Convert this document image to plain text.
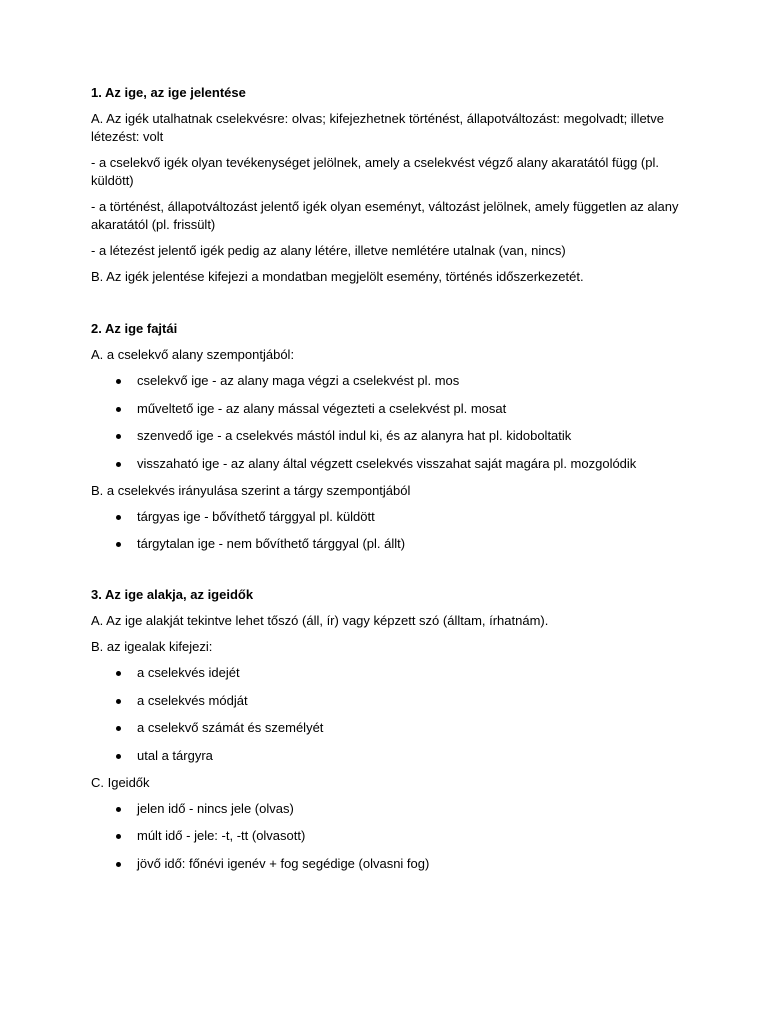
1. Az ige, az ige jelentése

A. Az igék utalhatnak cselekvésre: olvas; kifejezhetnek történést, állapotváltozást: megolvadt; illetve létezést: volt

- a cselekvő igék olyan tevékenységet jelölnek, amely a cselekvést végző alany akaratától függ (pl. küldött)

- a történést, állapotváltozást jelentő igék olyan eseményt, változást jelölnek, amely független az alany akaratától (pl. frissült)

- a létezést jelentő igék pedig az alany létére, illetve nemlétére utalnak (van, nincs)

B. Az igék jelentése kifejezi a mondatban megjelölt esemény, történés időszerkezetét.

2. Az ige fajtái

A. a cselekvő alany szempontjából:

cselekvő ige - az alany maga végzi a cselekvést pl. mos
műveltető ige - az alany mással végezteti a cselekvést pl. mosat
szenvedő ige - a cselekvés mástól indul ki, és az alanyra hat pl. kidoboltatik
visszaható ige - az alany által végzett cselekvés visszahat saját magára pl. mozgolódik

B. a cselekvés irányulása szerint a tárgy szempontjából

tárgyas ige - bővíthető tárggyal pl. küldött
tárgytalan ige - nem bővíthető tárggyal (pl. állt)

3. Az ige alakja, az igeidők

A. Az ige alakját tekintve lehet tőszó (áll, ír) vagy képzett szó (álltam, írhatnám).

B. az igealak kifejezi:

a cselekvés idejét
a cselekvés módját
a cselekvő számát és személyét
utal a tárgyra

C. Igeidők

jelen idő - nincs jele (olvas)
múlt idő - jele: -t, -tt (olvasott)
jövő idő: főnévi igenév + fog segédige (olvasni fog)
